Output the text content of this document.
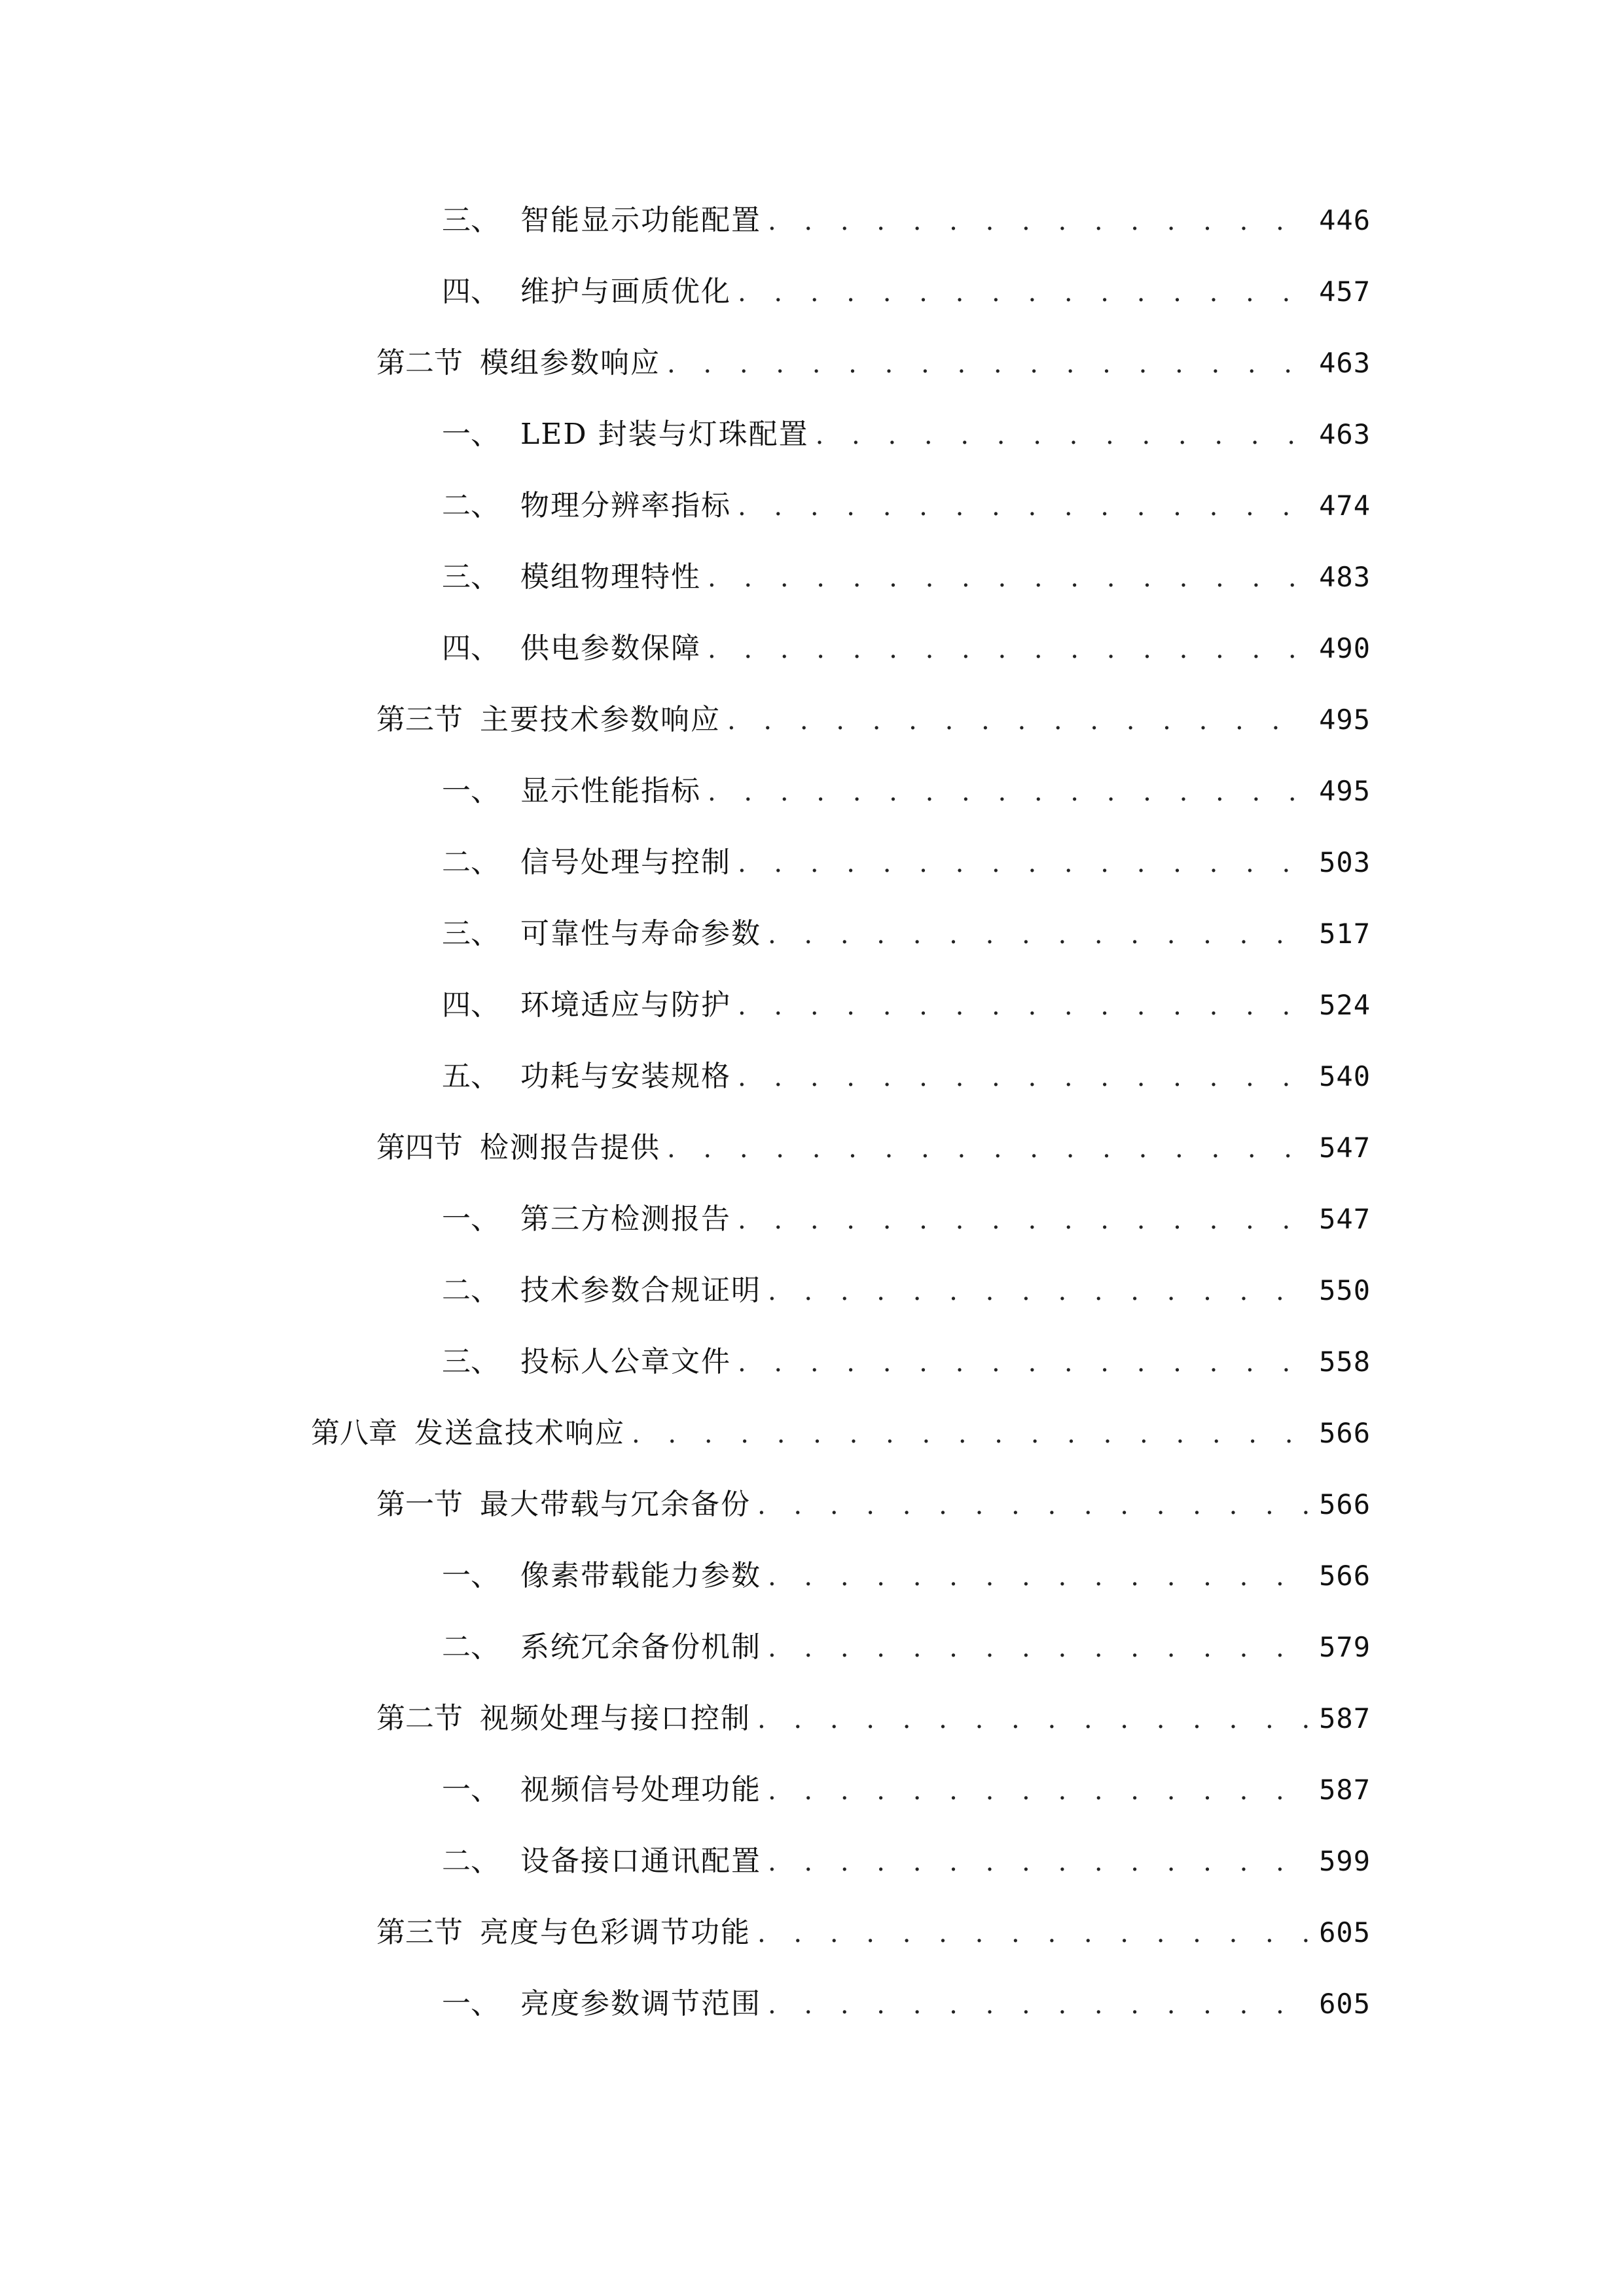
三、 智能显示功能配置 . . .	446
四、 维护与画质优化 . . .	457
第二节 模组参数响应 . . .	463
一、 LED 封装与灯珠配置 . . .	463
二、 物理分辨率指标 . . .	474
三、 模组物理特性 . . .	483
四、 供电参数保障 . . .	490
第三节 主要技术参数响应 . . .	495
一、 显示性能指标 . . .	495
二、 信号处理与控制 . . .	503
三、 可靠性与寿命参数 . . .	517
四、 环境适应与防护 . . .	524
五、 功耗与安装规格 . . .	540
第四节 检测报告提供 . . .	547
一、 第三方检测报告 . . .	547
二、 技术参数合规证明 . . .	550
三、 投标人公章文件 . . .	558
第八章 发送盒技术响应 . . .	566
第一节 最大带载与冗余备份 . . .	566
一、 像素带载能力参数 . . .	566
二、 系统冗余备份机制 . . .	579
第二节 视频处理与接口控制 . . .	587
一、 视频信号处理功能 . . .	587
二、 设备接口通讯配置 . . .	599
第三节 亮度与色彩调节功能 . . .	605
一、 亮度参数调节范围 . . .	605
